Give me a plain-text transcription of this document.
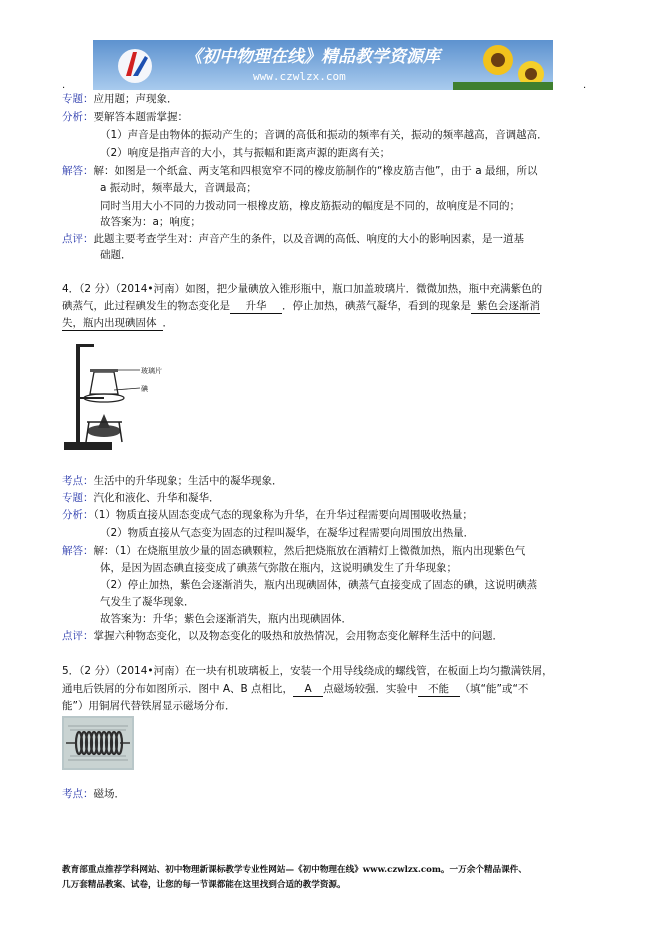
《初中物理在线》精品教学资源库
www.czwlzx.com
.
.
专题：应用题；声现象．
分析：要解答本题需掌握：
（1）声音是由物体的振动产生的；音调的高低和振动的频率有关，振动的频率越高，音调越高．
（2）响度是指声音的大小，其与振幅和距离声源的距离有关；
解答：解：如图是一个纸盒、两支笔和四根宽窄不同的橡皮筋制作的“橡皮筋吉他”，由于 a 最细，所以
a 振动时，频率最大，音调最高；
同时当用大小不同的力拨动同一根橡皮筋，橡皮筋振动的幅度是不同的，故响度是不同的；
故答案为：a；响度；
点评：此题主要考查学生对：声音产生的条件，以及音调的高低、响度的大小的影响因素，是一道基
础题．
4．（2 分）（2014•河南）如图，把少量碘放入锥形瓶中，瓶口加盖玻璃片．微微加热，瓶中充满紫色的
碘蒸气，此过程碘发生的物态变化是 升华 ．停止加热，碘蒸气凝华，看到的现象是 紫色会逐渐消
失，瓶内出现碘固体 ．
玻璃片
碘
考点：生活中的升华现象；生活中的凝华现象．
专题：汽化和液化、升华和凝华．
分析：（1）物质直接从固态变成气态的现象称为升华，在升华过程需要向周围吸收热量；
（2）物质直接从气态变为固态的过程叫凝华，在凝华过程需要向周围放出热量．
解答：解：（1）在烧瓶里放少量的固态碘颗粒，然后把烧瓶放在酒精灯上微微加热，瓶内出现紫色气
体，是因为固态碘直接变成了碘蒸气弥散在瓶内，这说明碘发生了升华现象；
（2）停止加热，紫色会逐渐消失，瓶内出现碘固体，碘蒸气直接变成了固态的碘，这说明碘蒸
气发生了凝华现象．
故答案为：升华；紫色会逐渐消失，瓶内出现碘固体．
点评：掌握六种物态变化，以及物态变化的吸热和放热情况，会用物态变化解释生活中的问题．
5．（2 分）（2014•河南）在一块有机玻璃板上，安装一个用导线绕成的螺线管，在板面上均匀撒满铁屑，
通电后铁屑的分布如图所示．图中 A、B 点相比， A 点磁场较强．实验中 不能 （填“能”或“不
能”）用铜屑代替铁屑显示磁场分布．
考点：磁场．
教育部重点推荐学科网站、初中物理新课标教学专业性网站—《初中物理在线》www.czwlzx.com。一万余个精品课件、
几万套精品教案、试卷，让您的每一节课都能在这里找到合适的教学资源。
